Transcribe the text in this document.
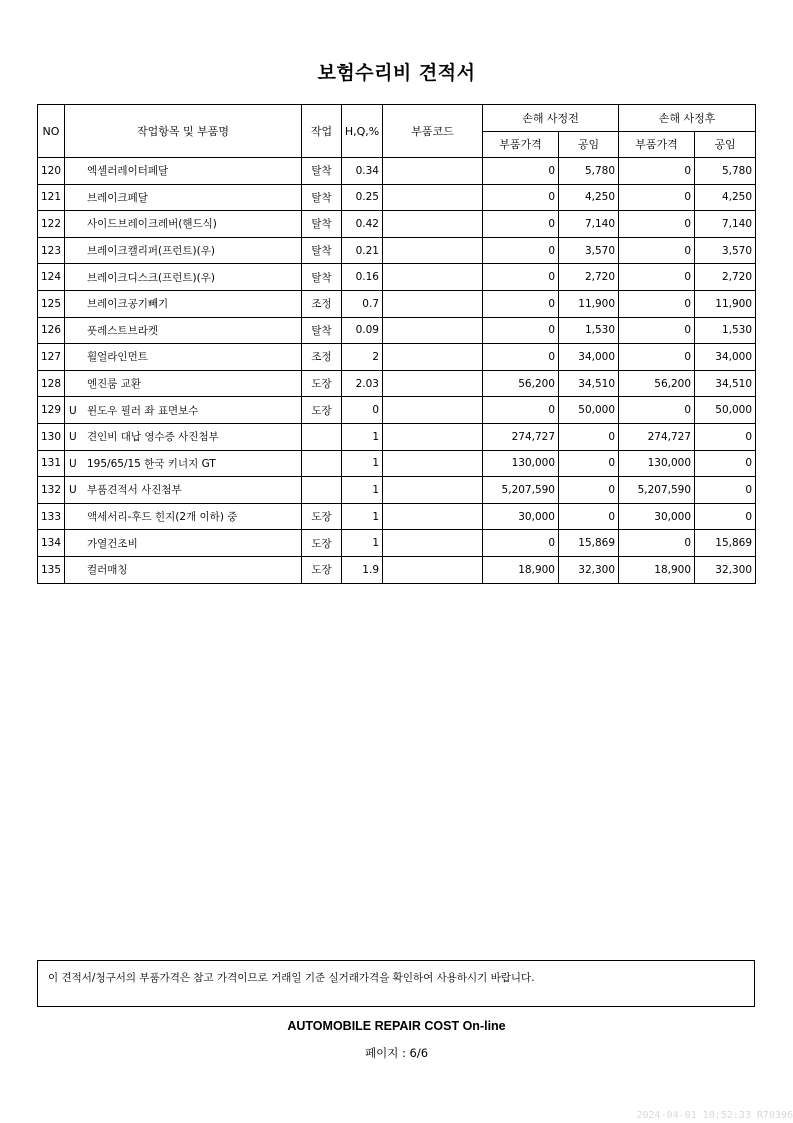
보험수리비 견적서
NO	작업항목 및 부품명	작업	H,Q,%	부품코드	손해 사정전		손해 사정후	
					부품가격	공임	부품가격	공임
120	엑셀러레이터페달	탈착	0.34		0	5,780	0	5,780
121	브레이크페달	탈착	0.25		0	4,250	0	4,250
122	사이드브레이크레버(핸드식)	탈착	0.42		0	7,140	0	7,140
123	브레이크캘리퍼(프런트)(우)	탈착	0.21		0	3,570	0	3,570
124	브레이크디스크(프런트)(우)	탈착	0.16		0	2,720	0	2,720
125	브레이크공기빼기	조정	0.7		0	11,900	0	11,900
126	풋레스트브라켓	탈착	0.09		0	1,530	0	1,530
127	휠얼라인먼트	조정	2		0	34,000	0	34,000
128	엔진룸 교환	도장	2.03		56,200	34,510	56,200	34,510
129	U 윈도우 필러 좌 표면보수	도장	0		0	50,000	0	50,000
130	U 견인비 대납 영수증 사진첨부		1		274,727	0	274,727	0
131	U 195/65/15 한국 키너지 GT		1		130,000	0	130,000	0
132	U 부품견적서 사진첨부		1		5,207,590	0	5,207,590	0
133	액세서리-후드 힌지(2개 이하) 중	도장	1		30,000	0	30,000	0
134	가열건조비	도장	1		0	15,869	0	15,869
135	컬러매칭	도장	1.9		18,900	32,300	18,900	32,300
이 견적서/청구서의 부품가격은 참고 가격이므로 거래일 기준 실거래가격을 확인하여 사용하시기 바랍니다.
AUTOMOBILE REPAIR COST On-line
페이지 : 6/6
2024-04-01 10:52:33 R70396
